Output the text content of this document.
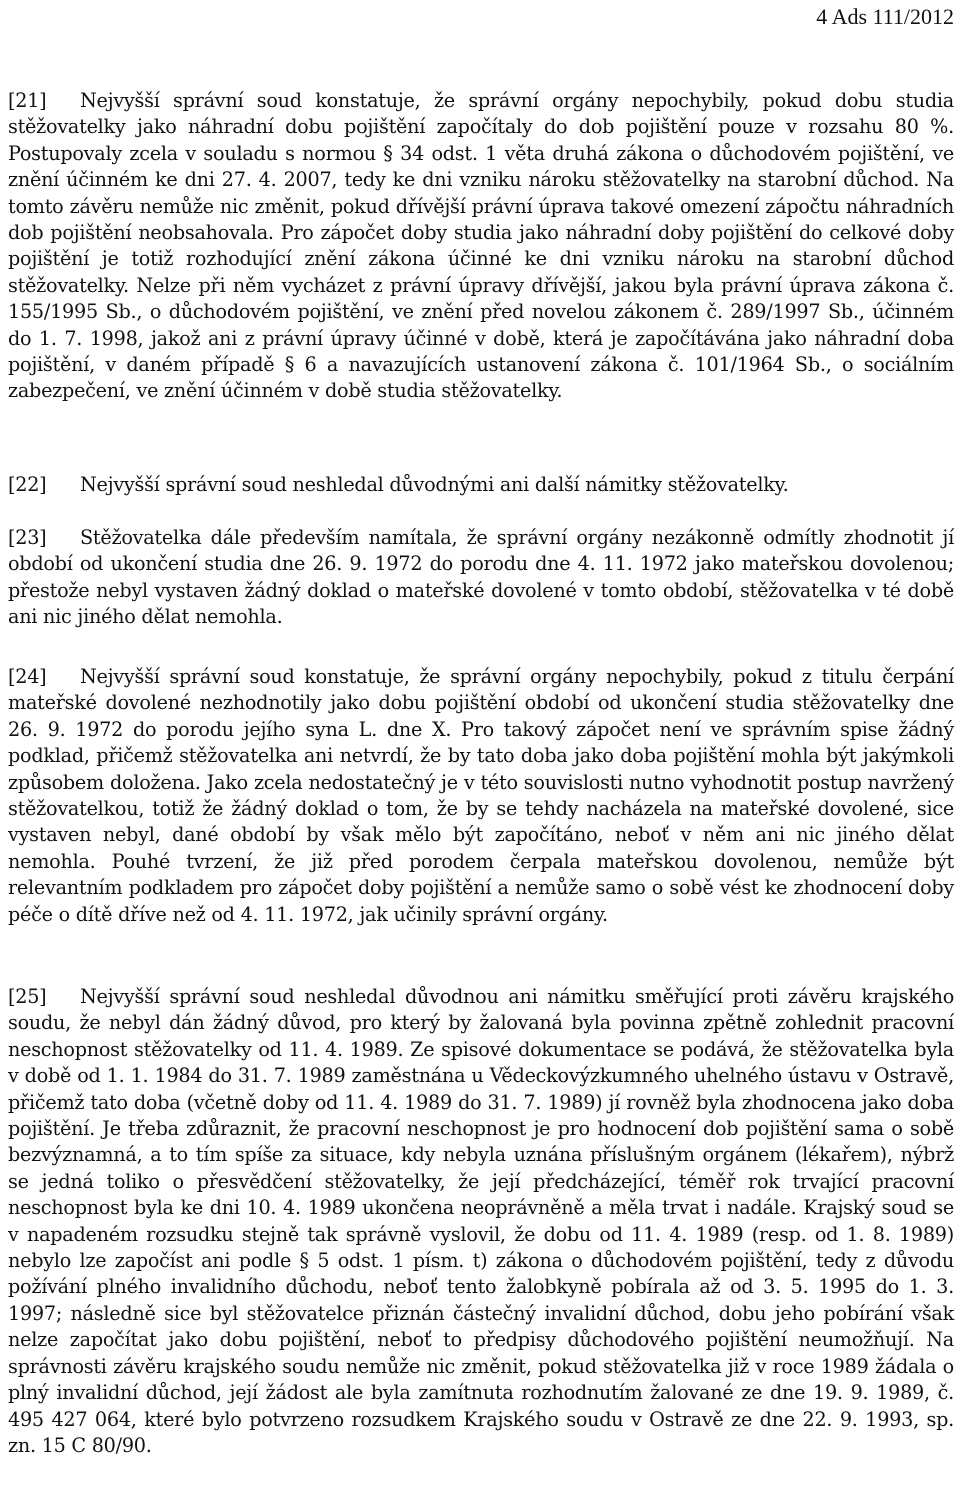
4 Ads 111/2012

[21] Nejvyšší správní soud konstatuje, že správní orgány nepochybily, pokud dobu studia stěžovatelky jako náhradní dobu pojištění započítaly do dob pojištění pouze v rozsahu 80 %. Postupovaly zcela v souladu s normou § 34 odst. 1 věta druhá zákona o důchodovém pojištění, ve znění účinném ke dni 27. 4. 2007, tedy ke dni vzniku nároku stěžovatelky na starobní důchod. Na tomto závěru nemůže nic změnit, pokud dřívější právní úprava takové omezení zápočtu náhradních dob pojištění neobsahovala. Pro zápočet doby studia jako náhradní doby pojištění do celkové doby pojištění je totiž rozhodující znění zákona účinné ke dni vzniku nároku na starobní důchod stěžovatelky. Nelze při něm vycházet z právní úpravy dřívější, jakou byla právní úprava zákona č. 155/1995 Sb., o důchodovém pojištění, ve znění před novelou zákonem č. 289/1997 Sb., účinném do 1. 7. 1998, jakož ani z právní úpravy účinné v době, která je započítávána jako náhradní doba pojištění, v daném případě § 6 a navazujících ustanovení zákona č. 101/1964 Sb., o sociálním zabezpečení, ve znění účinném v době studia stěžovatelky.

[22] Nejvyšší správní soud neshledal důvodnými ani další námitky stěžovatelky.

[23] Stěžovatelka dále především namítala, že správní orgány nezákonně odmítly zhodnotit jí období od ukončení studia dne 26. 9. 1972 do porodu dne 4. 11. 1972 jako mateřskou dovolenou; přestože nebyl vystaven žádný doklad o mateřské dovolené v tomto období, stěžovatelka v té době ani nic jiného dělat nemohla.

[24] Nejvyšší správní soud konstatuje, že správní orgány nepochybily, pokud z titulu čerpání mateřské dovolené nezhodnotily jako dobu pojištění období od ukončení studia stěžovatelky dne 26. 9. 1972 do porodu jejího syna L. dne X. Pro takový zápočet není ve správním spise žádný podklad, přičemž stěžovatelka ani netvrdí, že by tato doba jako doba pojištění mohla být jakýmkoli způsobem doložena. Jako zcela nedostatečný je v této souvislosti nutno vyhodnotit postup navržený stěžovatelkou, totiž že žádný doklad o tom, že by se tehdy nacházela na mateřské dovolené, sice vystaven nebyl, dané období by však mělo být započítáno, neboť v něm ani nic jiného dělat nemohla. Pouhé tvrzení, že již před porodem čerpala mateřskou dovolenou, nemůže být relevantním podkladem pro zápočet doby pojištění a nemůže samo o sobě vést ke zhodnocení doby péče o dítě dříve než od 4. 11. 1972, jak učinily správní orgány.

[25] Nejvyšší správní soud neshledal důvodnou ani námitku směřující proti závěru krajského soudu, že nebyl dán žádný důvod, pro který by žalovaná byla povinna zpětně zohlednit pracovní neschopnost stěžovatelky od 11. 4. 1989. Ze spisové dokumentace se podává, že stěžovatelka byla v době od 1. 1. 1984 do 31. 7. 1989 zaměstnána u Vědeckovýzkumného uhelného ústavu v Ostravě, přičemž tato doba (včetně doby od 11. 4. 1989 do 31. 7. 1989) jí rovněž byla zhodnocena jako doba pojištění. Je třeba zdůraznit, že pracovní neschopnost je pro hodnocení dob pojištění sama o sobě bezvýznamná, a to tím spíše za situace, kdy nebyla uznána příslušným orgánem (lékařem), nýbrž se jedná toliko o přesvědčení stěžovatelky, že její předcházející, téměř rok trvající pracovní neschopnost byla ke dni 10. 4. 1989 ukončena neoprávněně a měla trvat i nadále. Krajský soud se v napadeném rozsudku stejně tak správně vyslovil, že dobu od 11. 4. 1989 (resp. od 1. 8. 1989) nebylo lze započíst ani podle § 5 odst. 1 písm. t) zákona o důchodovém pojištění, tedy z důvodu požívání plného invalidního důchodu, neboť tento žalobkyně pobírala až od 3. 5. 1995 do 1. 3. 1997; následně sice byl stěžovatelce přiznán částečný invalidní důchod, dobu jeho pobírání však nelze započítat jako dobu pojištění, neboť to předpisy důchodového pojištění neumožňují. Na správnosti závěru krajského soudu nemůže nic změnit, pokud stěžovatelka již v roce 1989 žádala o plný invalidní důchod, její žádost ale byla zamítnuta rozhodnutím žalované ze dne 19. 9. 1989, č. 495 427 064, které bylo potvrzeno rozsudkem Krajského soudu v Ostravě ze dne 22. 9. 1993, sp. zn. 15 C 80/90.
